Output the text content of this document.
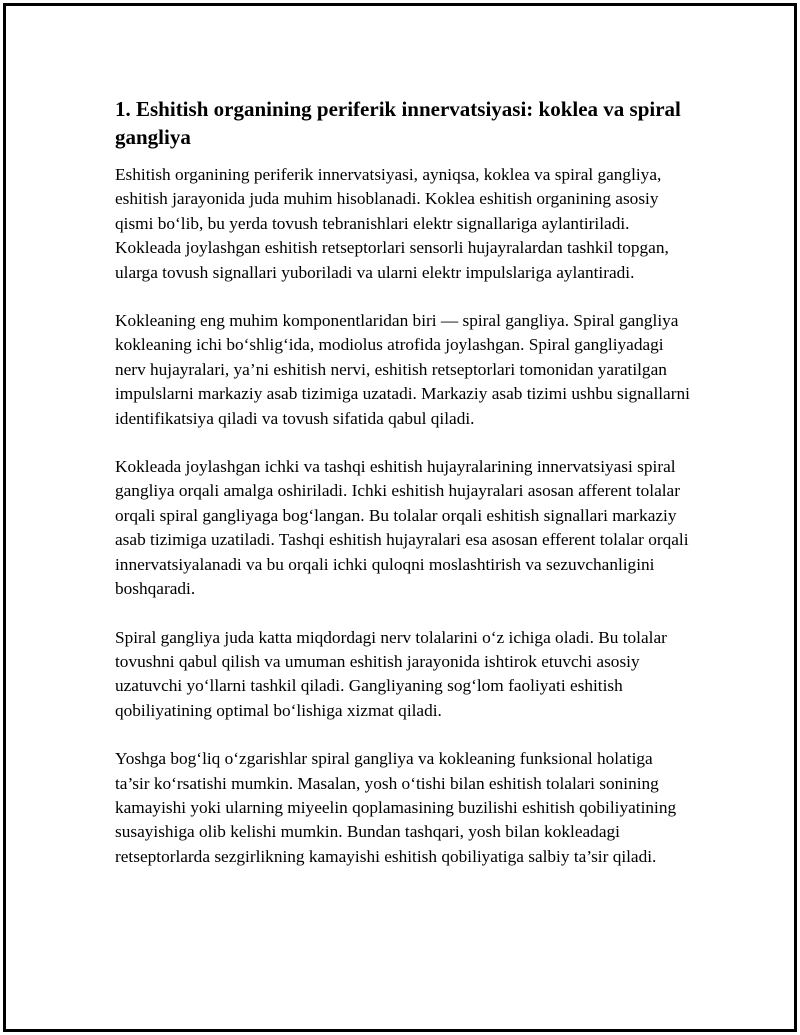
1. Eshitish organining periferik innervatsiyasi: koklea va spiral gangliya

Eshitish organining periferik innervatsiyasi, ayniqsa, koklea va spiral gangliya, eshitish jarayonida juda muhim hisoblanadi. Koklea eshitish organining asosiy qismi bo‘lib, bu yerda tovush tebranishlari elektr signallariga aylantiriladi. Kokleada joylashgan eshitish retseptorlari sensorli hujayralardan tashkil topgan, ularga tovush signallari yuboriladi va ularni elektr impulslariga aylantiradi.

Kokleaning eng muhim komponentlaridan biri — spiral gangliya. Spiral gangliya kokleaning ichi bo‘shlig‘ida, modiolus atrofida joylashgan. Spiral gangliyadagi nerv hujayralari, ya’ni eshitish nervi, eshitish retseptorlari tomonidan yaratilgan impulslarni markaziy asab tizimiga uzatadi. Markaziy asab tizimi ushbu signallarni identifikatsiya qiladi va tovush sifatida qabul qiladi.

Kokleada joylashgan ichki va tashqi eshitish hujayralarining innervatsiyasi spiral gangliya orqali amalga oshiriladi. Ichki eshitish hujayralari asosan afferent tolalar orqali spiral gangliyaga bog‘langan. Bu tolalar orqali eshitish signallari markaziy asab tizimiga uzatiladi. Tashqi eshitish hujayralari esa asosan efferent tolalar orqali innervatsiyalanadi va bu orqali ichki quloqni moslashtirish va sezuvchanligini boshqaradi.

Spiral gangliya juda katta miqdordagi nerv tolalarini o‘z ichiga oladi. Bu tolalar tovushni qabul qilish va umuman eshitish jarayonida ishtirok etuvchi asosiy uzatuvchi yo‘llarni tashkil qiladi. Gangliyaning sog‘lom faoliyati eshitish qobiliyatining optimal bo‘lishiga xizmat qiladi.

Yoshga bog‘liq o‘zgarishlar spiral gangliya va kokleaning funksional holatiga ta’sir ko‘rsatishi mumkin. Masalan, yosh o‘tishi bilan eshitish tolalari sonining kamayishi yoki ularning miyeelin qoplamasining buzilishi eshitish qobiliyatining susayishiga olib kelishi mumkin. Bundan tashqari, yosh bilan kokleadagi retseptorlarda sezgirlikning kamayishi eshitish qobiliyatiga salbiy ta’sir qiladi.
